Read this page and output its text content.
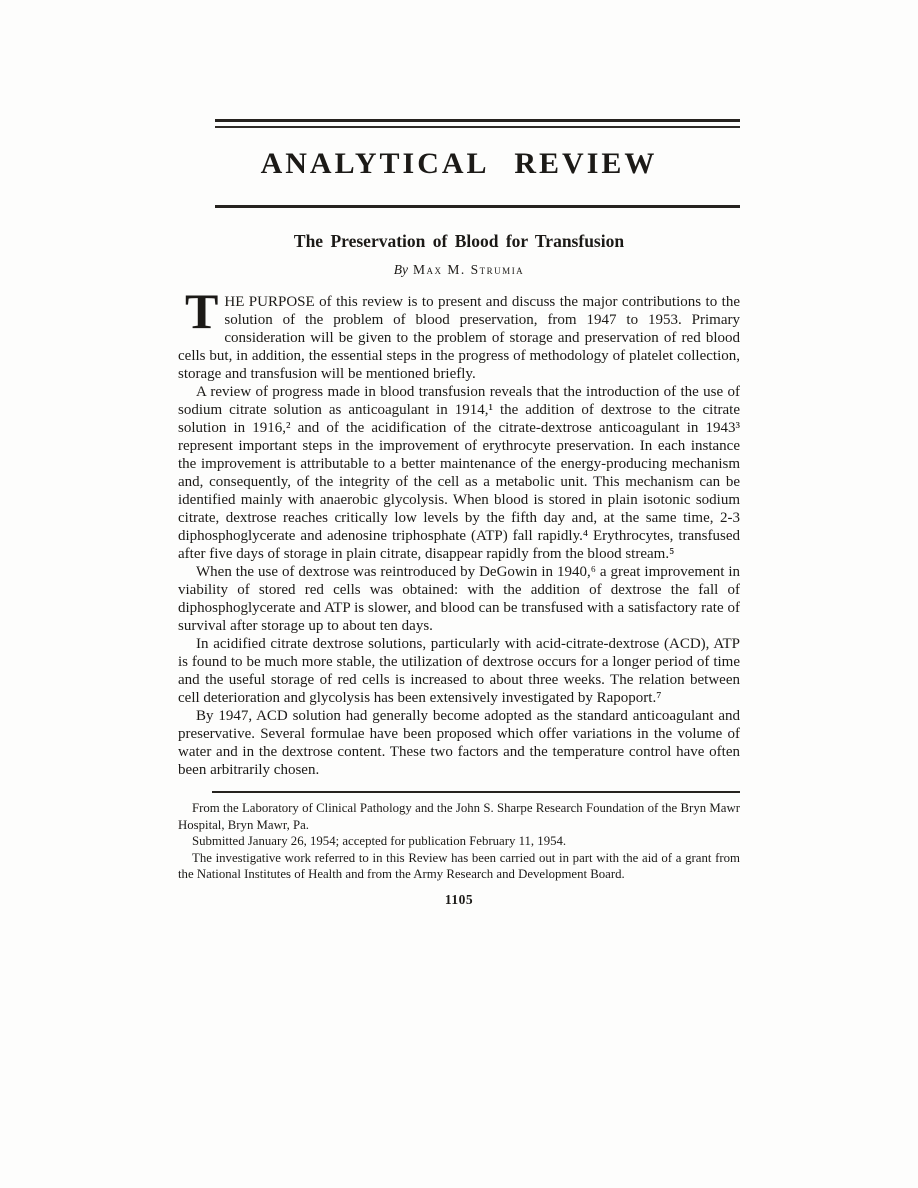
ANALYTICAL REVIEW
The Preservation of Blood for Transfusion
By Max M. Strumia

THE PURPOSE of this review is to present and discuss the major contributions to the solution of the problem of blood preservation, from 1947 to 1953. Primary consideration will be given to the problem of storage and preservation of red blood cells but, in addition, the essential steps in the progress of methodology of platelet collection, storage and transfusion will be mentioned briefly.

A review of progress made in blood transfusion reveals that the introduction of the use of sodium citrate solution as anticoagulant in 1914,¹ the addition of dextrose to the citrate solution in 1916,² and of the acidification of the citrate-dextrose anticoagulant in 1943³ represent important steps in the improvement of erythrocyte preservation. In each instance the improvement is attributable to a better maintenance of the energy-producing mechanism and, consequently, of the integrity of the cell as a metabolic unit. This mechanism can be identified mainly with anaerobic glycolysis. When blood is stored in plain isotonic sodium citrate, dextrose reaches critically low levels by the fifth day and, at the same time, 2-3 diphosphoglycerate and adenosine triphosphate (ATP) fall rapidly.⁴ Erythrocytes, transfused after five days of storage in plain citrate, disappear rapidly from the blood stream.⁵

When the use of dextrose was reintroduced by DeGowin in 1940,⁶ a great improvement in viability of stored red cells was obtained: with the addition of dextrose the fall of diphosphoglycerate and ATP is slower, and blood can be transfused with a satisfactory rate of survival after storage up to about ten days.

In acidified citrate dextrose solutions, particularly with acid-citrate-dextrose (ACD), ATP is found to be much more stable, the utilization of dextrose occurs for a longer period of time and the useful storage of red cells is increased to about three weeks. The relation between cell deterioration and glycolysis has been extensively investigated by Rapoport.⁷

By 1947, ACD solution had generally become adopted as the standard anticoagulant and preservative. Several formulae have been proposed which offer variations in the volume of water and in the dextrose content. These two factors and the temperature control have often been arbitrarily chosen.

From the Laboratory of Clinical Pathology and the John S. Sharpe Research Foundation of the Bryn Mawr Hospital, Bryn Mawr, Pa.

Submitted January 26, 1954; accepted for publication February 11, 1954.

The investigative work referred to in this Review has been carried out in part with the aid of a grant from the National Institutes of Health and from the Army Research and Development Board.

1105
